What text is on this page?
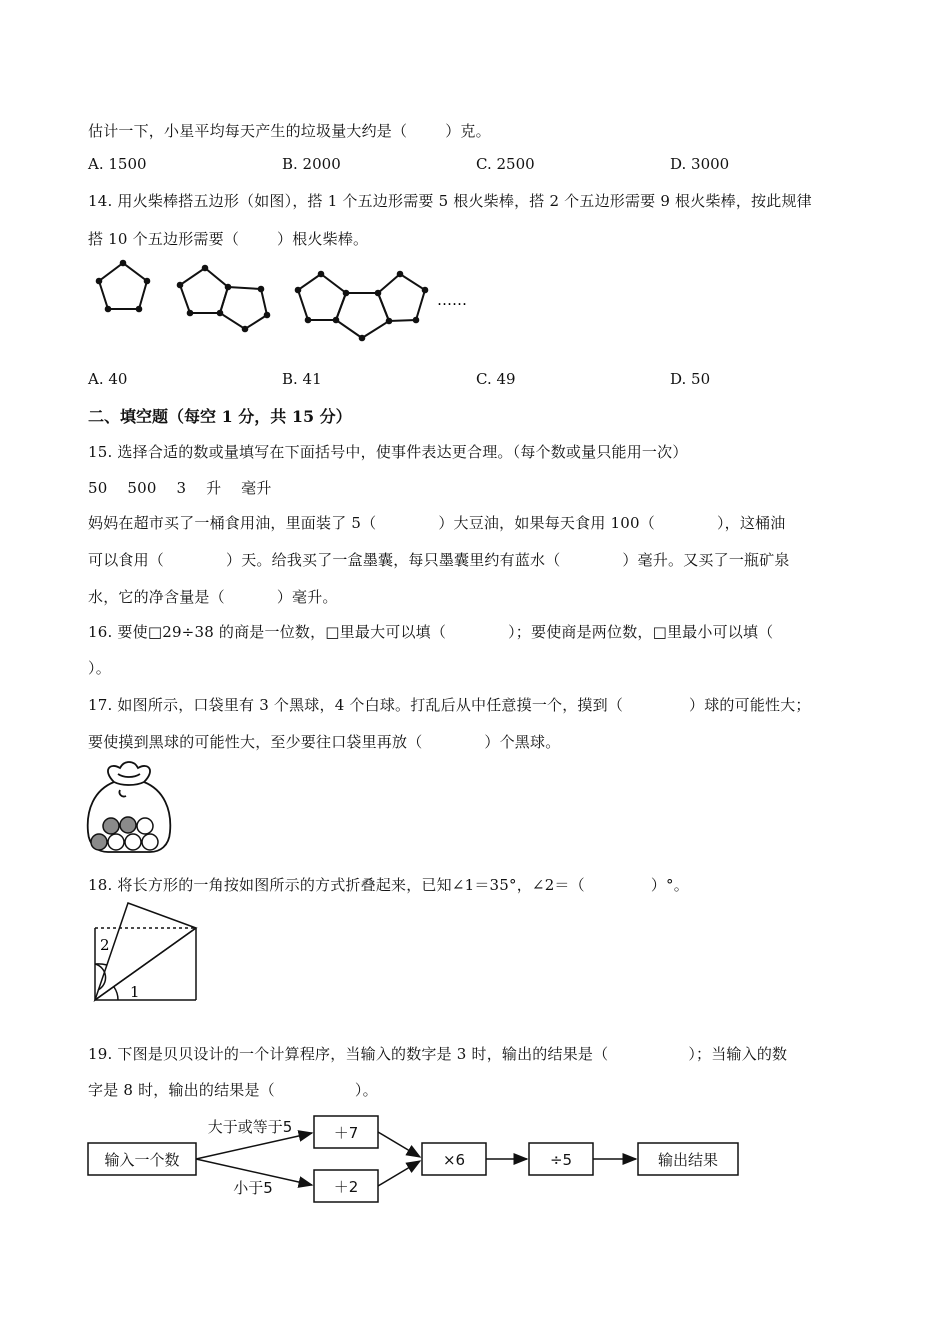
估计一下，小星平均每天产生的垃圾量大约是（	）克。
A. 1500	B. 2000	C. 2500	D. 3000
14. 用火柴棒搭五边形（如图），搭 1 个五边形需要 5 根火柴棒，搭 2 个五边形需要 9 根火柴棒，按此规律
搭 10 个五边形需要（	）根火柴棒。
……
A. 40	B. 41	C. 49	D. 50
二、填空题（每空 1 分，共 15 分）
15. 选择合适的数或量填写在下面括号中，使事件表达更合理。（每个数或量只能用一次）
50    500    3    升    毫升
妈妈在超市买了一桶食用油，里面装了 5（	）大豆油，如果每天食用 100（	），这桶油
可以食用（	）天。给我买了一盒墨囊，每只墨囊里约有蓝水（	）毫升。又买了一瓶矿泉
水，它的净含量是（	）毫升。
16. 要使□29÷38 的商是一位数，□里最大可以填（	）；要使商是两位数，□里最小可以填（
）。
17. 如图所示，口袋里有 3 个黑球，4 个白球。打乱后从中任意摸一个，摸到（	）球的可能性大；
要使摸到黑球的可能性大，至少要往口袋里再放（	）个黑球。
18. 将长方形的一角按如图所示的方式折叠起来，已知∠1＝35°，∠2＝（	）°。
1
2
19. 下图是贝贝设计的一个计算程序，当输入的数字是 3 时，输出的结果是（	）；当输入的数
字是 8 时，输出的结果是（	）。
输入一个数
大于或等于5
小于5
＋7
＋2
×6	÷5	输出结果
